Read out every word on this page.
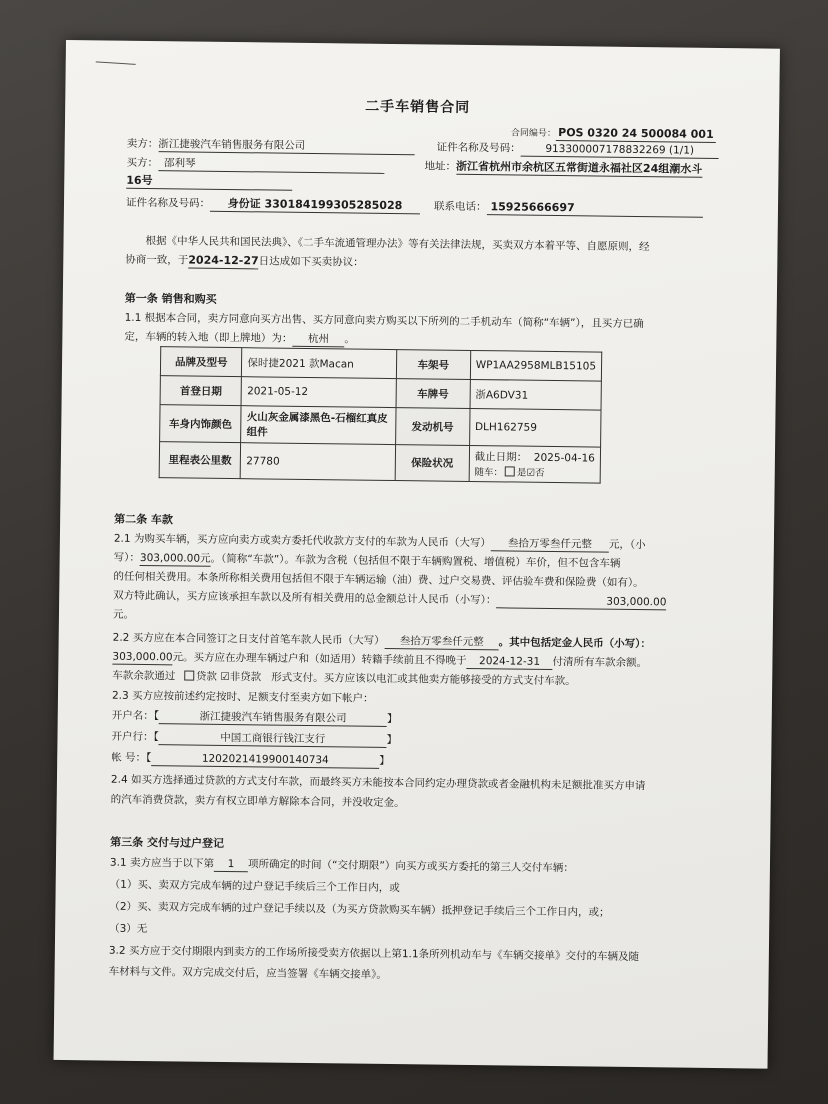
二手车销售合同
合同编号： POS 0320 24 500084 001
卖方：浙江捷骏汽车销售服务有限公司	证件名称及号码： 913300007178832269 (1/1)
买方： 邵利琴	地址：浙江省杭州市余杭区五常街道永福社区24组潮水斗
16号
证件名称及号码： 身份证 330184199305285028	联系电话： 15925666697
根据《中华人民共和国民法典》、《二手车流通管理办法》等有关法律法规，买卖双方本着平等、自愿原则，经
协商一致，于2024-12-27日达成如下买卖协议：
第一条 销售和购买
1.1 根据本合同，卖方同意向买方出售、买方同意向卖方购买以下所列的二手机动车（简称“车辆”），且买方已确
定，车辆的转入地（即上牌地）为： 杭州 。
品牌及型号	保时捷2021 款Macan	车架号	WP1AA2958MLB15105
首登日期	2021-05-12	车牌号	浙A6DV31
车身内饰颜色	火山灰金属漆黑色-石榴红真皮组件	发动机号	DLH162759
里程表公里数	27780	保险状况	截止日期： 2025-04-16
随车： 是☑否
第二条 车款
2.1 为购买车辆，买方应向卖方或卖方委托代收款方支付的车款为人民币（大写） 叁拾万零叁仟元整 元，（小
写）：303,000.00元。（简称“车款”）。车款为含税（包括但不限于车辆购置税、增值税）车价，但不包含车辆
的任何相关费用。本条所称相关费用包括但不限于车辆运输（油）费、过户交易费、评估验车费和保险费（如有）。
双方特此确认，买方应该承担车款以及所有相关费用的总金额总计人民币（小写）：	303,000.00
元。
2.2 买方应在本合同签订之日支付首笔车款人民币（大写） 叁拾万零叁仟元整 。其中包括定金人民币（小写）：
303,000.00元。买方应在办理车辆过户和（如适用）转籍手续前且不得晚于 2024-12-31 付清所有车款余额。
车款余款通过 贷款 ☑非贷款 形式支付。买方应该以电汇或其他卖方能够接受的方式支付车款。
2.3 买方应按前述约定按时、足额支付至卖方如下帐户：
开户名：【	浙江捷骏汽车销售服务有限公司	】
开户行：【	中国工商银行钱江支行	】
帐 号：【	1202021419900140734	】
2.4 如买方选择通过贷款的方式支付车款，而最终买方未能按本合同约定办理贷款或者金融机构未足额批准买方申请
的汽车消费贷款，卖方有权立即单方解除本合同，并没收定金。
第三条 交付与过户登记
3.1 卖方应当于以下第 1 项所确定的时间（“交付期限”）向买方或买方委托的第三人交付车辆：
（1）买、卖双方完成车辆的过户登记手续后三个工作日内，或
（2）买、卖双方完成车辆的过户登记手续以及（为买方贷款购买车辆）抵押登记手续后三个工作日内，或；
（3）无
3.2 买方应于交付期限内到卖方的工作场所接受卖方依据以上第1.1条所列机动车与《车辆交接单》交付的车辆及随
车材料与文件。双方完成交付后，应当签署《车辆交接单》。
